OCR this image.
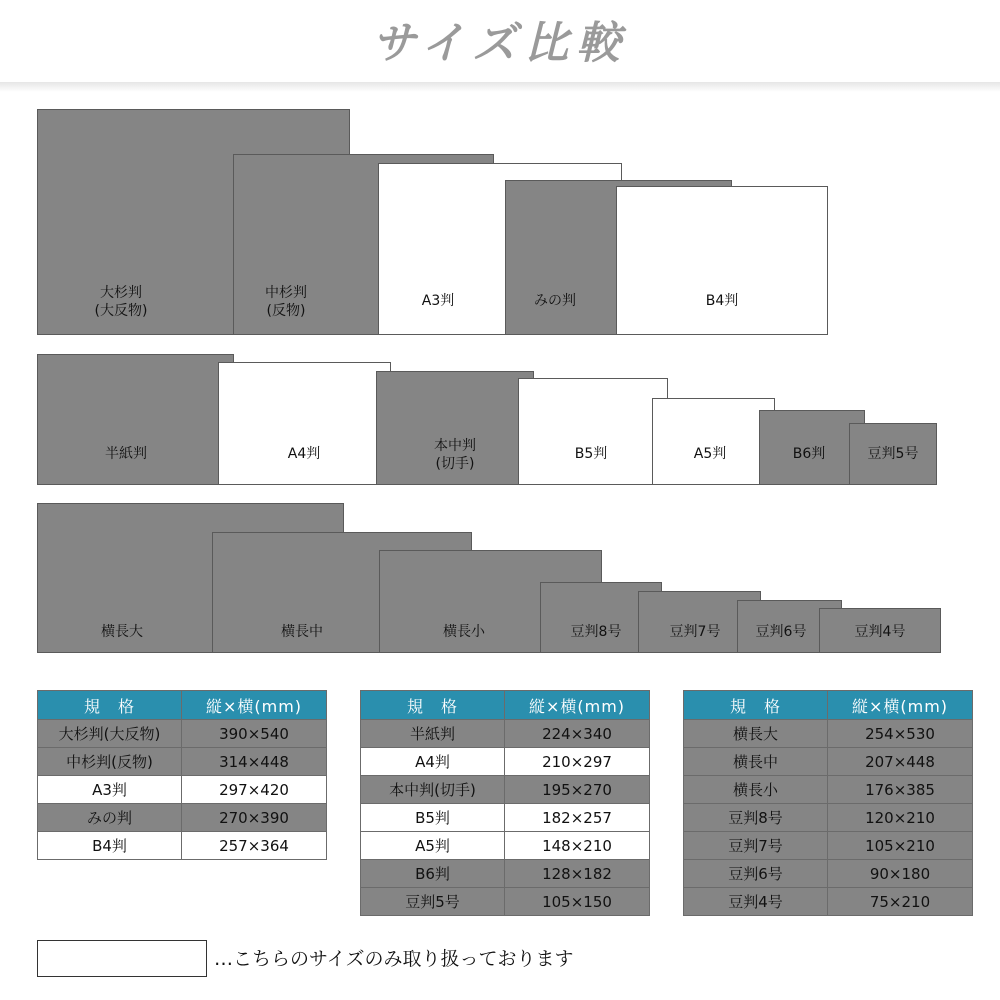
サイズ比較
大杉判
(大反物)
中杉判
(反物)
A3判	みの判	B4判
半紙判	A4判	本中判
(切手)
B5判	A5判	B6判	豆判5号
横長大	横長中	横長小	豆判8号	豆判7号	豆判6号	豆判4号
規　格	縦×横(mm)
大杉判(大反物)	390×540
中杉判(反物)	314×448
A3判	297×420
みの判	270×390
B4判	257×364
規　格	縦×横(mm)
半紙判	224×340
A4判	210×297
本中判(切手)	195×270
B5判	182×257
A5判	148×210
B6判	128×182
豆判5号	105×150
規　格	縦×横(mm)
横長大	254×530
横長中	207×448
横長小	176×385
豆判8号	120×210
豆判7号	105×210
豆判6号	90×180
豆判4号	75×210
…こちらのサイズのみ取り扱っております
